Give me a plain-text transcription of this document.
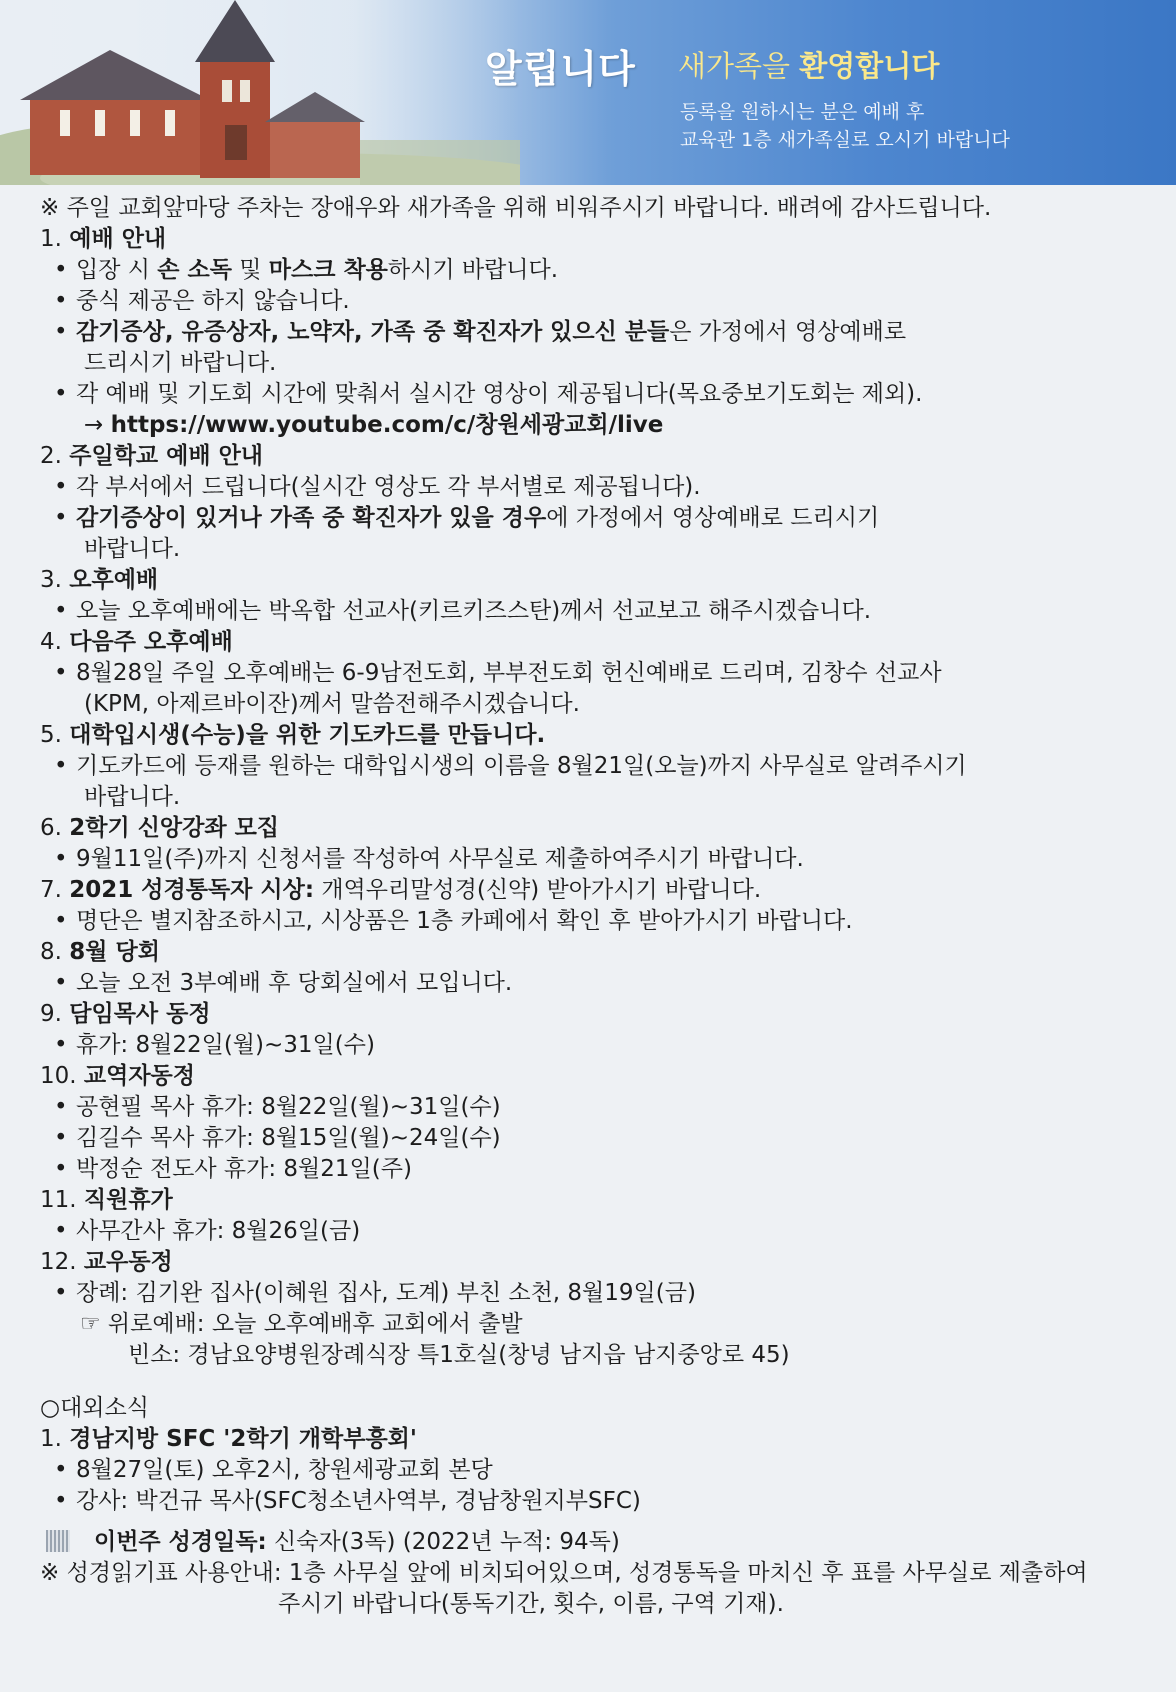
알립니다 새가족을 환영합니다
등록을 원하시는 분은 예배 후
교육관 1층 새가족실로 오시기 바랍니다
※ 주일 교회앞마당 주차는 장애우와 새가족을 위해 비워주시기 바랍니다. 배려에 감사드립니다.
1. 예배 안내
• 입장 시 손 소독 및 마스크 착용하시기 바랍니다.
• 중식 제공은 하지 않습니다.
• 감기증상, 유증상자, 노약자, 가족 중 확진자가 있으신 분들은 가정에서 영상예배로
드리시기 바랍니다.
• 각 예배 및 기도회 시간에 맞춰서 실시간 영상이 제공됩니다(목요중보기도회는 제외).
→ https://www.youtube.com/c/창원세광교회/live
2. 주일학교 예배 안내
• 각 부서에서 드립니다(실시간 영상도 각 부서별로 제공됩니다).
• 감기증상이 있거나 가족 중 확진자가 있을 경우에 가정에서 영상예배로 드리시기
바랍니다.
3. 오후예배
• 오늘 오후예배에는 박옥합 선교사(키르키즈스탄)께서 선교보고 해주시겠습니다.
4. 다음주 오후예배
• 8월28일 주일 오후예배는 6-9남전도회, 부부전도회 헌신예배로 드리며, 김창수 선교사
(KPM, 아제르바이잔)께서 말씀전해주시겠습니다.
5. 대학입시생(수능)을 위한 기도카드를 만듭니다.
• 기도카드에 등재를 원하는 대학입시생의 이름을 8월21일(오늘)까지 사무실로 알려주시기
바랍니다.
6. 2학기 신앙강좌 모집
• 9월11일(주)까지 신청서를 작성하여 사무실로 제출하여주시기 바랍니다.
7. 2021 성경통독자 시상: 개역우리말성경(신약) 받아가시기 바랍니다.
• 명단은 별지참조하시고, 시상품은 1층 카페에서 확인 후 받아가시기 바랍니다.
8. 8월 당회
• 오늘 오전 3부예배 후 당회실에서 모입니다.
9. 담임목사 동정
• 휴가: 8월22일(월)~31일(수)
10. 교역자동정
• 공현필 목사 휴가: 8월22일(월)~31일(수)
• 김길수 목사 휴가: 8월15일(월)~24일(수)
• 박정순 전도사 휴가: 8월21일(주)
11. 직원휴가
• 사무간사 휴가: 8월26일(금)
12. 교우동정
• 장례: 김기완 집사(이혜원 집사, 도계) 부친 소천, 8월19일(금)
☞ 위로예배: 오늘 오후예배후 교회에서 출발
빈소: 경남요양병원장례식장 특1호실(창녕 남지읍 남지중앙로 45)
○대외소식
1. 경남지방 SFC '2학기 개학부흥회'
• 8월27일(토) 오후2시, 창원세광교회 본당
• 강사: 박건규 목사(SFC청소년사역부, 경남창원지부SFC)
이번주 성경일독: 신숙자(3독) (2022년 누적: 94독)
※ 성경읽기표 사용안내: 1층 사무실 앞에 비치되어있으며, 성경통독을 마치신 후 표를 사무실로 제출하여
주시기 바랍니다(통독기간, 횟수, 이름, 구역 기재).
